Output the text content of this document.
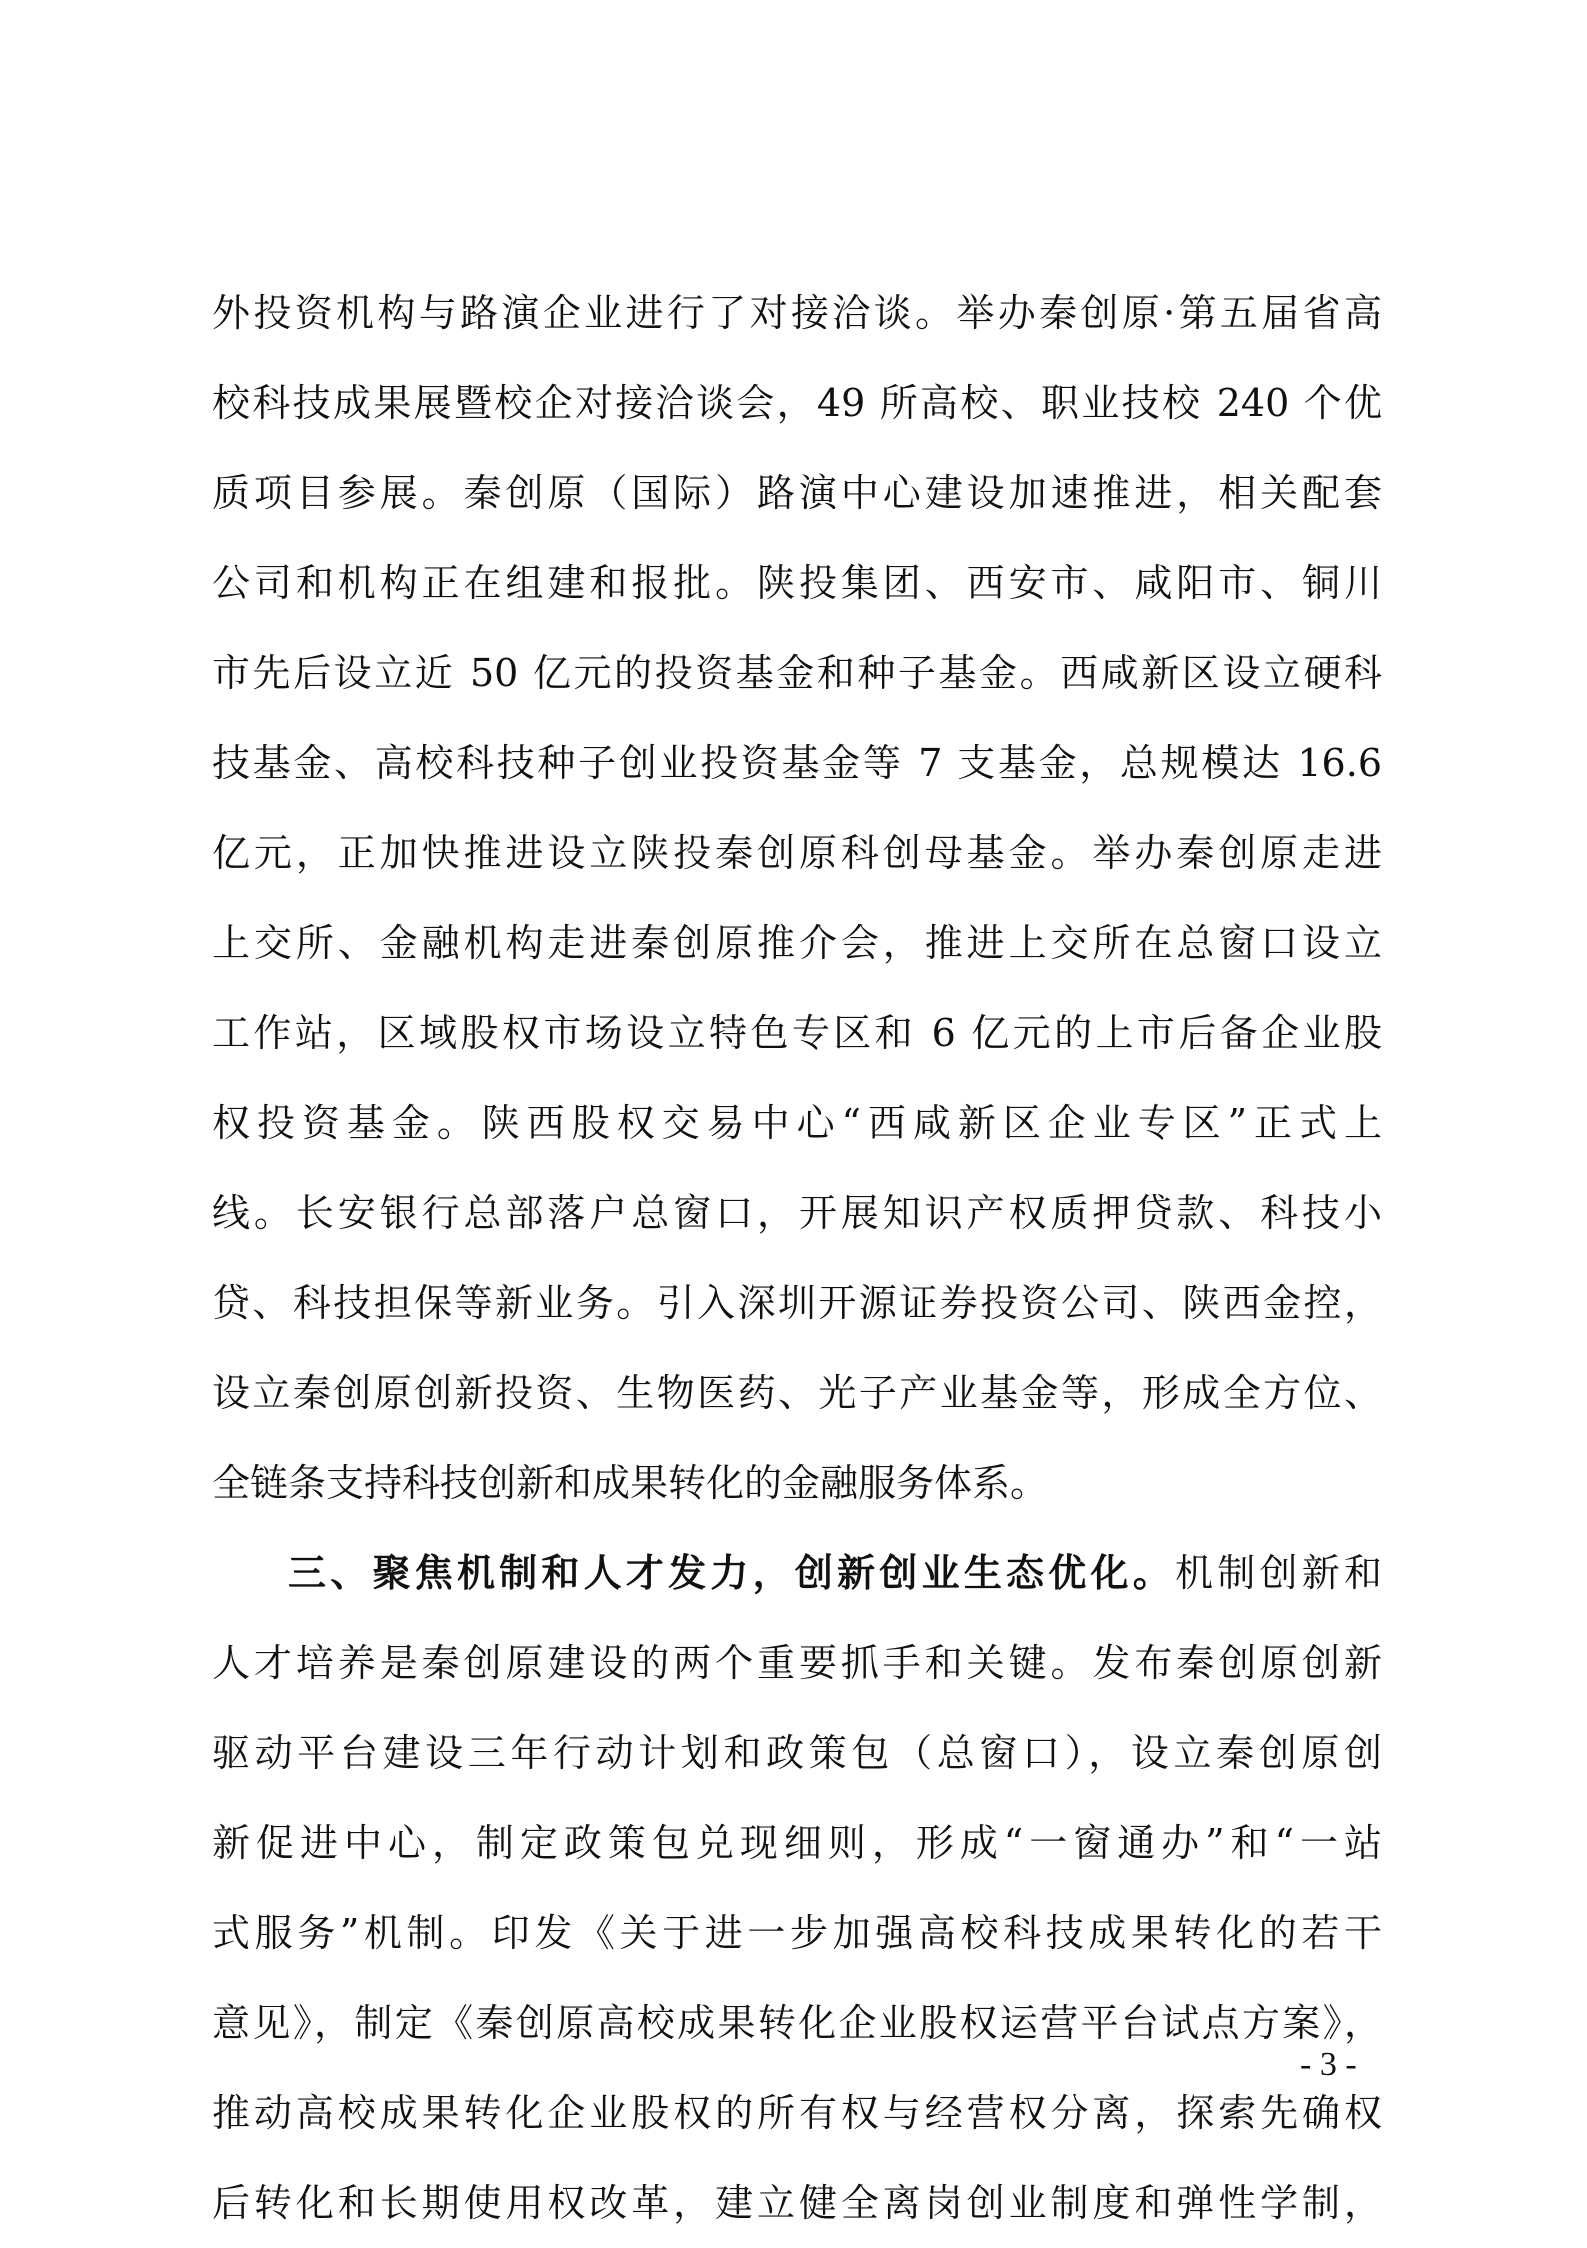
外投资机构与路演企业进行了对接洽谈。举办秦创原·第五届省高
校科技成果展暨校企对接洽谈会，49 所高校、职业技校 240 个优
质项目参展。秦创原（国际）路演中心建设加速推进，相关配套
公司和机构正在组建和报批。陕投集团、西安市、咸阳市、铜川
市先后设立近 50 亿元的投资基金和种子基金。西咸新区设立硬科
技基金、高校科技种子创业投资基金等 7 支基金，总规模达 16.6
亿元，正加快推进设立陕投秦创原科创母基金。举办秦创原走进
上交所、金融机构走进秦创原推介会，推进上交所在总窗口设立
工作站，区域股权市场设立特色专区和 6 亿元的上市后备企业股
权投资基金。陕西股权交易中心“西咸新区企业专区”正式上
线。长安银行总部落户总窗口，开展知识产权质押贷款、科技小
贷、科技担保等新业务。引入深圳开源证券投资公司、陕西金控，
设立秦创原创新投资、生物医药、光子产业基金等，形成全方位、
全链条支持科技创新和成果转化的金融服务体系。
三、聚焦机制和人才发力，创新创业生态优化。机制创新和
人才培养是秦创原建设的两个重要抓手和关键。发布秦创原创新
驱动平台建设三年行动计划和政策包（总窗口），设立秦创原创
新促进中心，制定政策包兑现细则，形成“一窗通办”和“一站
式服务”机制。印发《关于进一步加强高校科技成果转化的若干
意见》，制定《秦创原高校成果转化企业股权运营平台试点方案》，
推动高校成果转化企业股权的所有权与经营权分离，探索先确权
后转化和长期使用权改革，建立健全离岗创业制度和弹性学制，
- 3 -
